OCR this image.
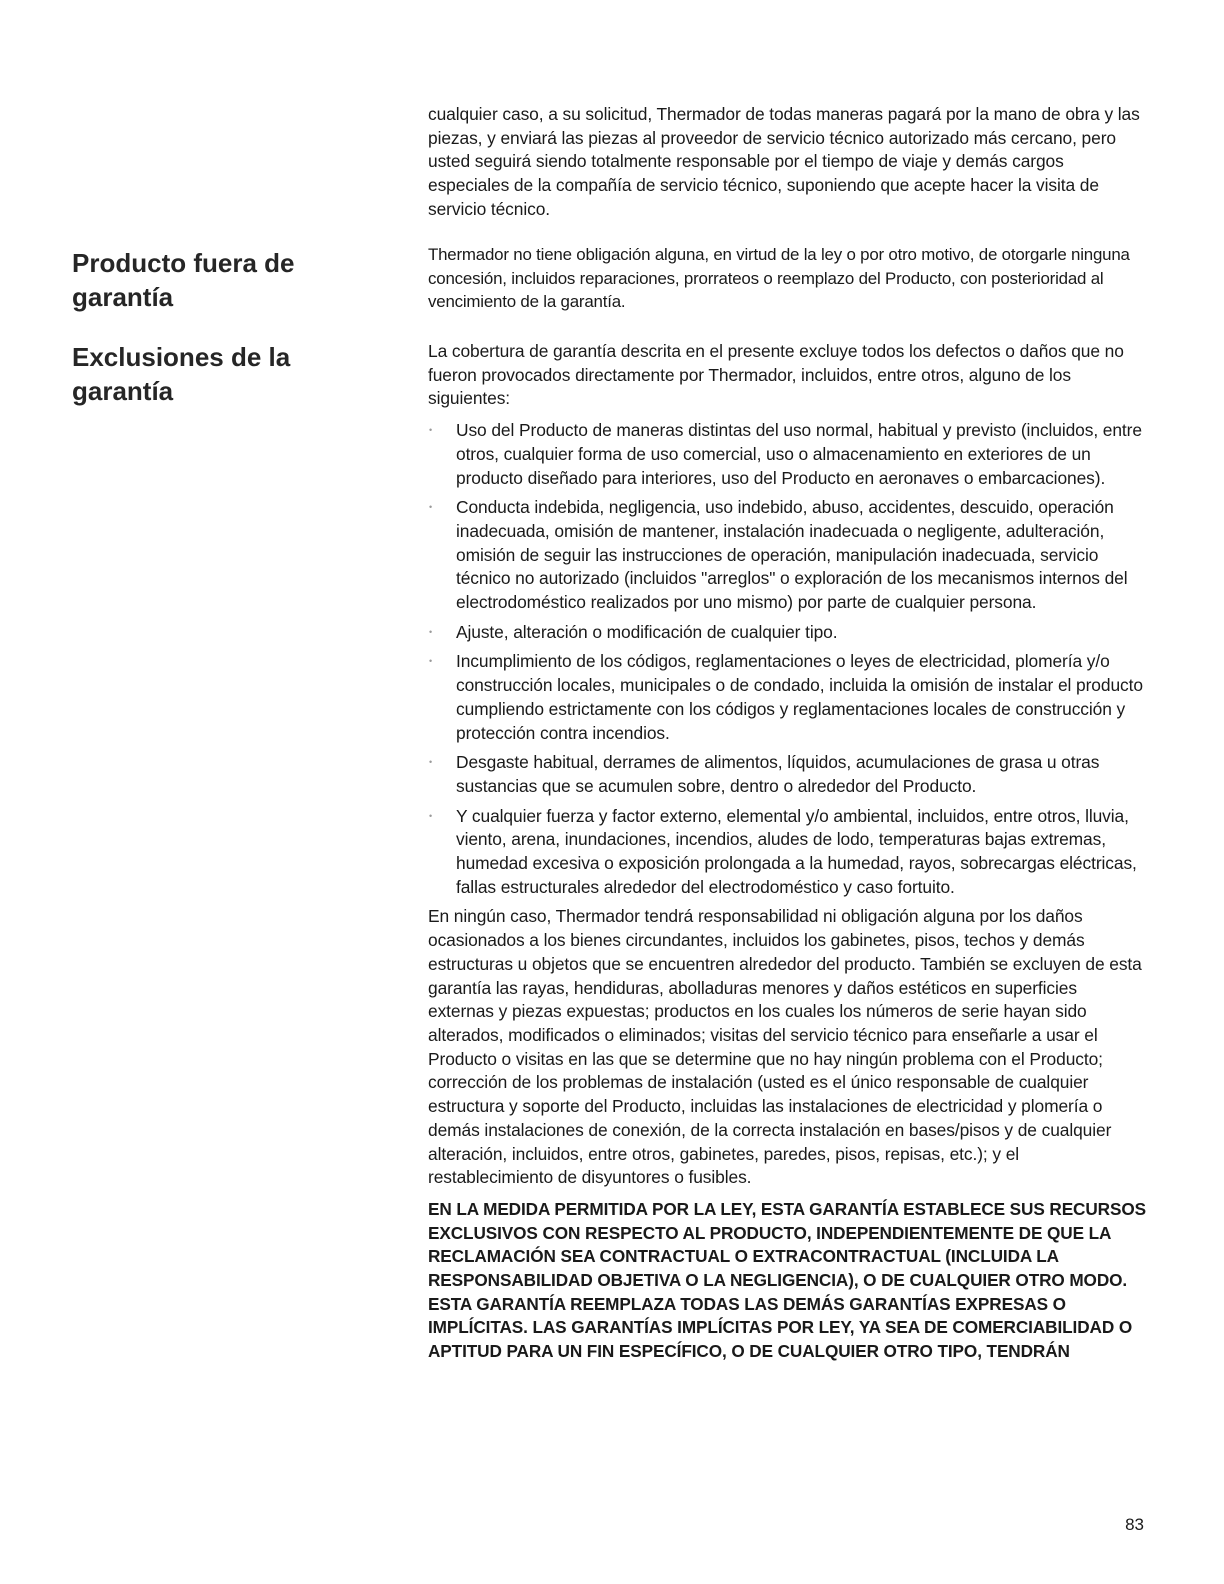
cualquier caso, a su solicitud, Thermador de todas maneras pagará por la mano de obra y las piezas, y enviará las piezas al proveedor de servicio técnico autorizado más cercano, pero usted seguirá siendo totalmente responsable por el tiempo de viaje y demás cargos especiales de la compañía de servicio técnico, suponiendo que acepte hacer la visita de servicio técnico.

Producto fuera de garantía

Thermador no tiene obligación alguna, en virtud de la ley o por otro motivo, de otorgarle ninguna concesión, incluidos reparaciones, prorrateos o reemplazo del Producto, con posterioridad al vencimiento de la garantía.

Exclusiones de la garantía

La cobertura de garantía descrita en el presente excluye todos los defectos o daños que no fueron provocados directamente por Thermador, incluidos, entre otros, alguno de los siguientes:

• Uso del Producto de maneras distintas del uso normal, habitual y previsto (incluidos, entre otros, cualquier forma de uso comercial, uso o almacenamiento en exteriores de un producto diseñado para interiores, uso del Producto en aeronaves o embarcaciones).
• Conducta indebida, negligencia, uso indebido, abuso, accidentes, descuido, operación inadecuada, omisión de mantener, instalación inadecuada o negligente, adulteración, omisión de seguir las instrucciones de operación, manipulación inadecuada, servicio técnico no autorizado (incluidos "arreglos" o exploración de los mecanismos internos del electrodoméstico realizados por uno mismo) por parte de cualquier persona.
• Ajuste, alteración o modificación de cualquier tipo.
• Incumplimiento de los códigos, reglamentaciones o leyes de electricidad, plomería y/o construcción locales, municipales o de condado, incluida la omisión de instalar el producto cumpliendo estrictamente con los códigos y reglamentaciones locales de construcción y protección contra incendios.
• Desgaste habitual, derrames de alimentos, líquidos, acumulaciones de grasa u otras sustancias que se acumulen sobre, dentro o alrededor del Producto.
• Y cualquier fuerza y factor externo, elemental y/o ambiental, incluidos, entre otros, lluvia, viento, arena, inundaciones, incendios, aludes de lodo, temperaturas bajas extremas, humedad excesiva o exposición prolongada a la humedad, rayos, sobrecargas eléctricas, fallas estructurales alrededor del electrodoméstico y caso fortuito.

En ningún caso, Thermador tendrá responsabilidad ni obligación alguna por los daños ocasionados a los bienes circundantes, incluidos los gabinetes, pisos, techos y demás estructuras u objetos que se encuentren alrededor del producto. También se excluyen de esta garantía las rayas, hendiduras, abolladuras menores y daños estéticos en superficies externas y piezas expuestas; productos en los cuales los números de serie hayan sido alterados, modificados o eliminados; visitas del servicio técnico para enseñarle a usar el Producto o visitas en las que se determine que no hay ningún problema con el Producto; corrección de los problemas de instalación (usted es el único responsable de cualquier estructura y soporte del Producto, incluidas las instalaciones de electricidad y plomería o demás instalaciones de conexión, de la correcta instalación en bases/pisos y de cualquier alteración, incluidos, entre otros, gabinetes, paredes, pisos, repisas, etc.); y el restablecimiento de disyuntores o fusibles.

EN LA MEDIDA PERMITIDA POR LA LEY, ESTA GARANTÍA ESTABLECE SUS RECURSOS EXCLUSIVOS CON RESPECTO AL PRODUCTO, INDEPENDIENTEMENTE DE QUE LA RECLAMACIÓN SEA CONTRACTUAL O EXTRACONTRACTUAL (INCLUIDA LA RESPONSABILIDAD OBJETIVA O LA NEGLIGENCIA), O DE CUALQUIER OTRO MODO. ESTA GARANTÍA REEMPLAZA TODAS LAS DEMÁS GARANTÍAS EXPRESAS O IMPLÍCITAS. LAS GARANTÍAS IMPLÍCITAS POR LEY, YA SEA DE COMERCIABILIDAD O APTITUD PARA UN FIN ESPECÍFICO, O DE CUALQUIER OTRO TIPO, TENDRÁN

83
